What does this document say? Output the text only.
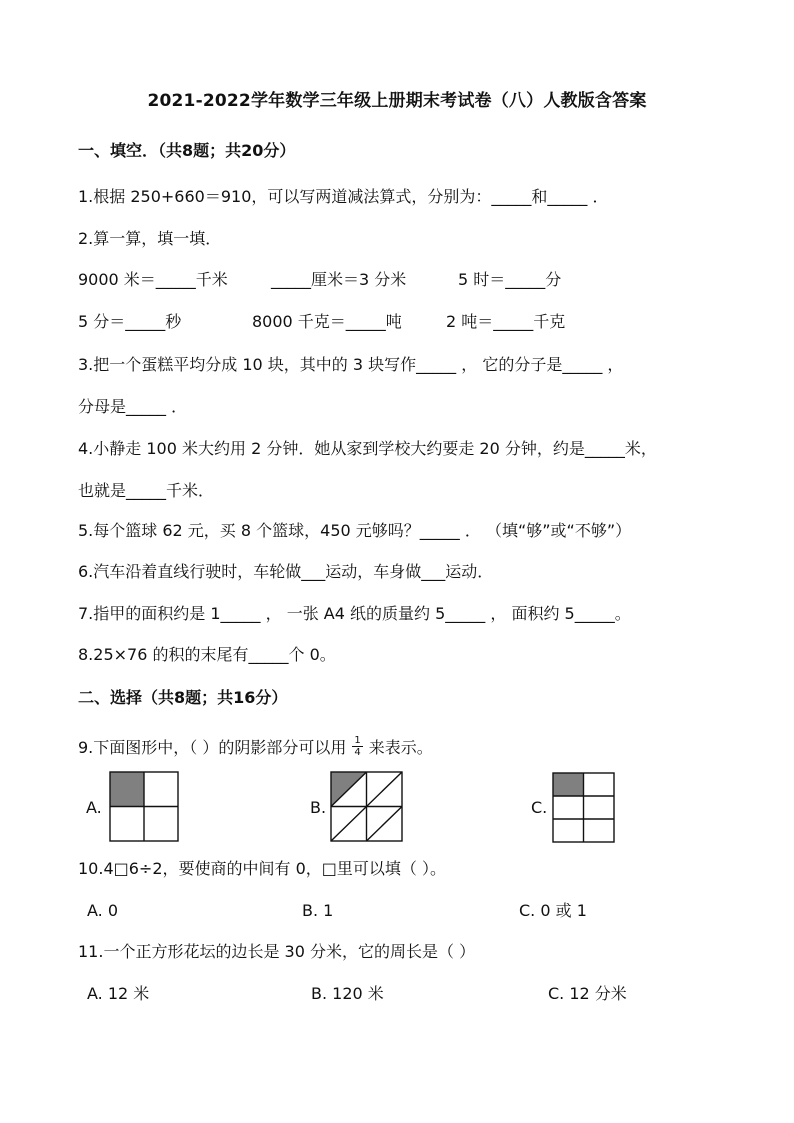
2021-2022学年数学三年级上册期末考试卷（八）人教版含答案
一、填空．（共8题；共20分）
1.根据 250+660＝910，可以写两道减法算式，分别为：_____和_____ ．
2.算一算，填一填．
9000 米＝_____千米	_____厘米＝3 分米	5 时＝_____分
5 分＝_____秒	8000 千克＝_____吨	2 吨＝_____千克
3.把一个蛋糕平均分成 10 块，其中的 3 块写作_____ ， 它的分子是_____ ，
分母是_____ ．
4.小静走 100 米大约用 2 分钟．她从家到学校大约要走 20 分钟，约是_____米，
也就是_____千米．
5.每个篮球 62 元，买 8 个篮球，450 元够吗？_____ ． （填“够”或“不够”）
6.汽车沿着直线行驶时，车轮做___运动，车身做___运动．
7.指甲的面积约是 1_____ ， 一张 A4 纸的质量约 5_____ ， 面积约 5_____。
8.25×76 的积的末尾有_____个 0。
二、选择（共8题；共16分）
9.下面图形中，（ ）的阴影部分可以用 $\frac{1}{4}$ 来表示。
A.	B.	C.
10.4□6÷2，要使商的中间有 0，□里可以填（ ）。
A. 0	B. 1	C. 0 或 1
11.一个正方形花坛的边长是 30 分米，它的周长是（ ）
A. 12 米	B. 120 米	C. 12 分米
